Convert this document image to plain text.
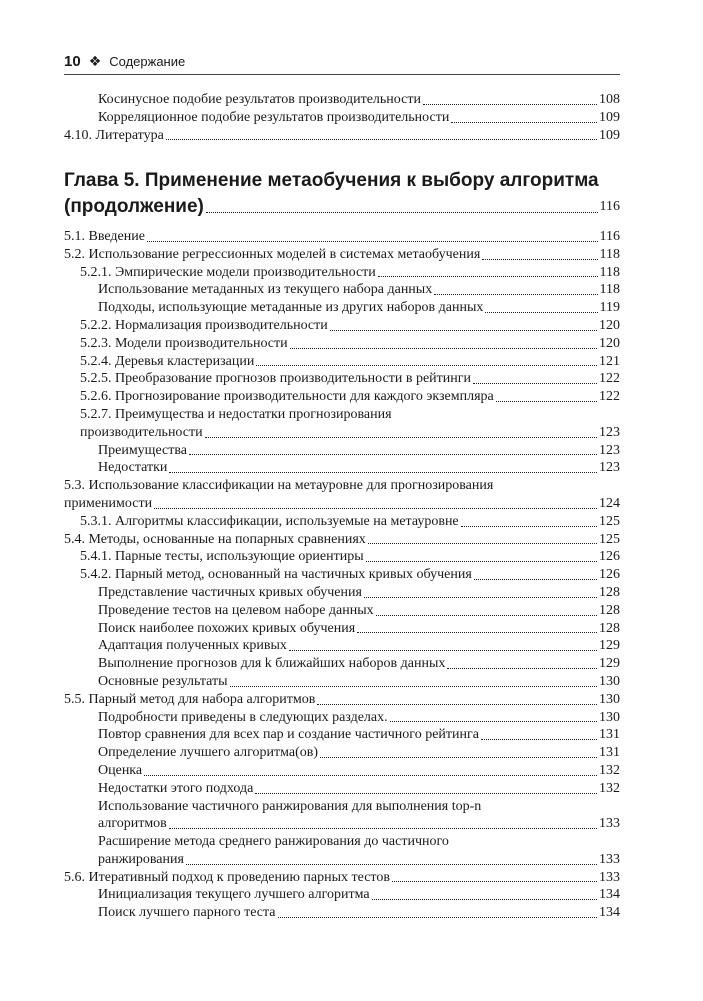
10 ❖ Содержание
Косинусное подобие результатов производительности	108
Корреляционное подобие результатов производительности	109
4.10. Литература	109
Глава 5. Применение метаобучения к выбору алгоритма
(продолжение)	116
5.1. Введение	116
5.2. Использование регрессионных моделей в системах метаобучения	118
5.2.1. Эмпирические модели производительности	118
Использование метаданных из текущего набора данных	118
Подходы, использующие метаданные из других наборов данных	119
5.2.2. Нормализация производительности	120
5.2.3. Модели производительности	120
5.2.4. Деревья кластеризации	121
5.2.5. Преобразование прогнозов производительности в рейтинги	122
5.2.6. Прогнозирование производительности для каждого экземпляра	122
5.2.7. Преимущества и недостатки прогнозирования
производительности	123
Преимущества	123
Недостатки	123
5.3. Использование классификации на метауровне для прогнозирования
применимости	124
5.3.1. Алгоритмы классификации, используемые на метауровне	125
5.4. Методы, основанные на попарных сравнениях	125
5.4.1. Парные тесты, использующие ориентиры	126
5.4.2. Парный метод, основанный на частичных кривых обучения	126
Представление частичных кривых обучения	128
Проведение тестов на целевом наборе данных	128
Поиск наиболее похожих кривых обучения	128
Адаптация полученных кривых	129
Выполнение прогнозов для k ближайших наборов данных	129
Основные результаты	130
5.5. Парный метод для набора алгоритмов	130
Подробности приведены в следующих разделах.	130
Повтор сравнения для всех пар и создание частичного рейтинга	131
Определение лучшего алгоритма(ов)	131
Оценка	132
Недостатки этого подхода	132
Использование частичного ранжирования для выполнения top-n
алгоритмов	133
Расширение метода среднего ранжирования до частичного
ранжирования	133
5.6. Итеративный подход к проведению парных тестов	133
Инициализация текущего лучшего алгоритма	134
Поиск лучшего парного теста	134
